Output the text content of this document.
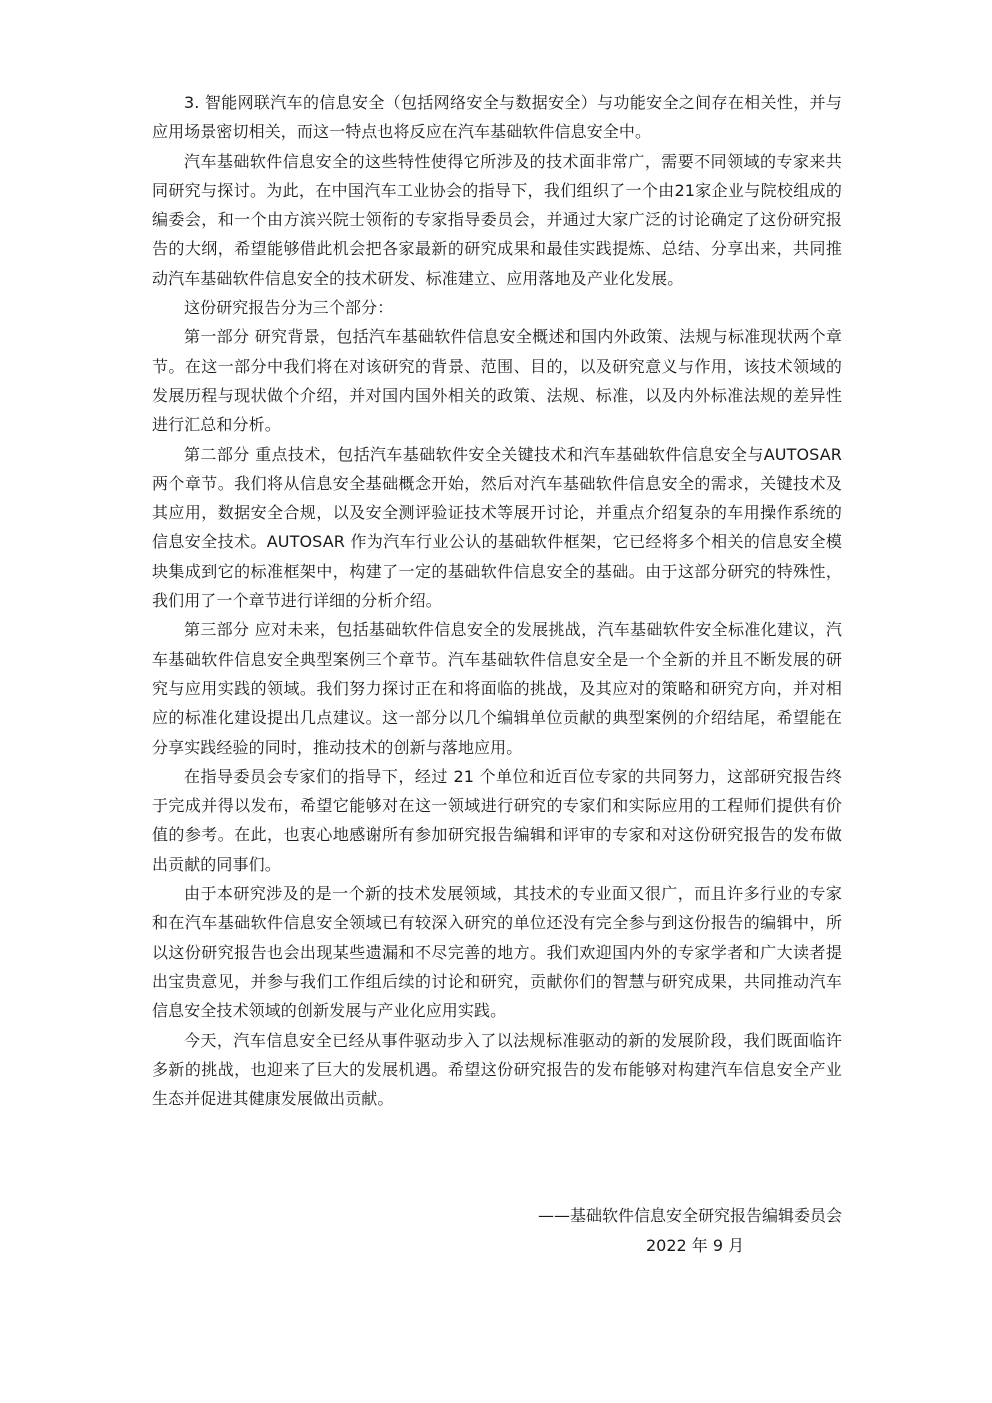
3. 智能网联汽车的信息安全（包括网络安全与数据安全）与功能安全之间存在相关性，并与应用场景密切相关，而这一特点也将反应在汽车基础软件信息安全中。

汽车基础软件信息安全的这些特性使得它所涉及的技术面非常广，需要不同领域的专家来共同研究与探讨。为此，在中国汽车工业协会的指导下，我们组织了一个由21家企业与院校组成的编委会，和一个由方滨兴院士领衔的专家指导委员会，并通过大家广泛的讨论确定了这份研究报告的大纲，希望能够借此机会把各家最新的研究成果和最佳实践提炼、总结、分享出来，共同推动汽车基础软件信息安全的技术研发、标准建立、应用落地及产业化发展。

这份研究报告分为三个部分：

第一部分 研究背景，包括汽车基础软件信息安全概述和国内外政策、法规与标准现状两个章节。在这一部分中我们将在对该研究的背景、范围、目的，以及研究意义与作用，该技术领域的发展历程与现状做个介绍，并对国内国外相关的政策、法规、标准，以及内外标准法规的差异性进行汇总和分析。

第二部分 重点技术，包括汽车基础软件安全关键技术和汽车基础软件信息安全与AUTOSAR 两个章节。我们将从信息安全基础概念开始，然后对汽车基础软件信息安全的需求，关键技术及其应用，数据安全合规，以及安全测评验证技术等展开讨论，并重点介绍复杂的车用操作系统的信息安全技术。AUTOSAR 作为汽车行业公认的基础软件框架，它已经将多个相关的信息安全模块集成到它的标准框架中，构建了一定的基础软件信息安全的基础。由于这部分研究的特殊性，我们用了一个章节进行详细的分析介绍。

第三部分 应对未来，包括基础软件信息安全的发展挑战，汽车基础软件安全标准化建议，汽车基础软件信息安全典型案例三个章节。汽车基础软件信息安全是一个全新的并且不断发展的研究与应用实践的领域。我们努力探讨正在和将面临的挑战，及其应对的策略和研究方向，并对相应的标准化建设提出几点建议。这一部分以几个编辑单位贡献的典型案例的介绍结尾，希望能在分享实践经验的同时，推动技术的创新与落地应用。

在指导委员会专家们的指导下，经过 21 个单位和近百位专家的共同努力，这部研究报告终于完成并得以发布，希望它能够对在这一领域进行研究的专家们和实际应用的工程师们提供有价值的参考。在此，也衷心地感谢所有参加研究报告编辑和评审的专家和对这份研究报告的发布做出贡献的同事们。

由于本研究涉及的是一个新的技术发展领域，其技术的专业面又很广，而且许多行业的专家和在汽车基础软件信息安全领域已有较深入研究的单位还没有完全参与到这份报告的编辑中，所以这份研究报告也会出现某些遗漏和不尽完善的地方。我们欢迎国内外的专家学者和广大读者提出宝贵意见，并参与我们工作组后续的讨论和研究，贡献你们的智慧与研究成果，共同推动汽车信息安全技术领域的创新发展与产业化应用实践。

今天，汽车信息安全已经从事件驱动步入了以法规标准驱动的新的发展阶段，我们既面临许多新的挑战，也迎来了巨大的发展机遇。希望这份研究报告的发布能够对构建汽车信息安全产业生态并促进其健康发展做出贡献。

——基础软件信息安全研究报告编辑委员会

2022 年 9 月
